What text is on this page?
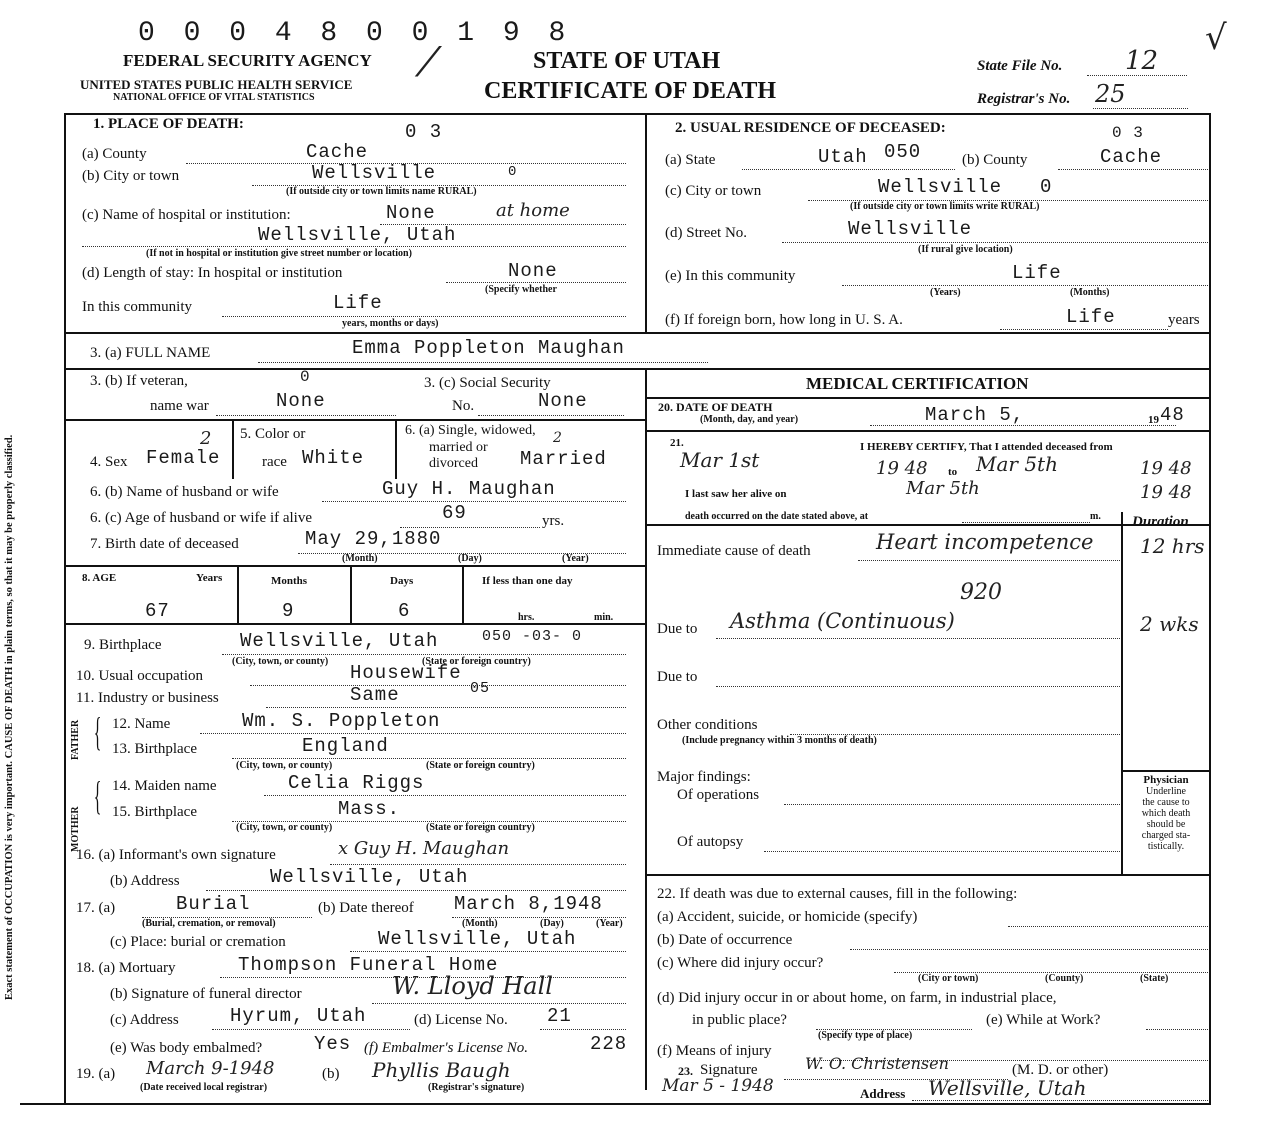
0 0 0 4 8 0 0 1 9 8
⁄
√
FEDERAL SECURITY AGENCY
UNITED STATES PUBLIC HEALTH SERVICE
NATIONAL OFFICE OF VITAL STATISTICS
STATE OF UTAH
CERTIFICATE OF DEATH
State File No. 12
Registrar's No. 25
Exact statement of OCCUPATION is very important. CAUSE OF DEATH in plain terms, so that it may be properly classified.
1. PLACE OF DEATH:	0 3
(a) County	Cache
(b) City or town	Wellsville	0
(If outside city or town limits name RURAL)
(c) Name of hospital or institution:	None	at home
Wellsville, Utah
(If not in hospital or institution give street number or location)
(d) Length of stay: In hospital or institution	None
(Specify whether
In this community	Life
years, months or days)
2. USUAL RESIDENCE OF DECEASED:
(a) State	Utah 050	(b) County	Cache
0 3
(c) City or town	Wellsville 0
(If outside city or town limits write RURAL)
(d) Street No.	Wellsville
(If rural give location)
(e) In this community	Life
(Years)	(Months)
(f) If foreign born, how long in U. S. A.	Life	years
3. (a) FULL NAME	Emma Poppleton Maughan
3. (b) If veteran,
name war	None
0	3. (c) Social Security
No.	None
4. Sex Female
2 5. Color or
race White
6. (a) Single, widowed,
married or
divorced Married
2
6. (b) Name of husband or wife	Guy H. Maughan
6. (c) Age of husband or wife if alive	69	yrs.
7. Birth date of deceased	May 29,1880
(Month)	(Day)	(Year)
8. AGE	Years	Months	Days	If less than one day
67	9	6	hrs.	min.
9. Birthplace	Wellsville, Utah	050 -03- 0
(City, town, or county)	(State or foreign country)
10. Usual occupation	Housewife
11. Industry or business	Same	05
FATHER
MOTHER
{
{
12. Name	Wm. S. Poppleton
13. Birthplace	England
(City, town, or county)	(State or foreign country)
14. Maiden name	Celia Riggs
15. Birthplace	Mass.
(City, town, or county)	(State or foreign country)
16. (a) Informant's own signature	x Guy H. Maughan
(b) Address	Wellsville, Utah
17. (a)	Burial
(Burial, cremation, or removal)
(b) Date thereof March 8,1948
(Month)	(Day)	(Year)
(c) Place: burial or cremation	Wellsville, Utah
18. (a) Mortuary	Thompson Funeral Home
(b) Signature of funeral director	W. Lloyd Hall
(c) Address	Hyrum, Utah	(d) License No. 21
(e) Was body embalmed?	Yes (f) Embalmer's License No.	228
19. (a) March 9-1948
(Date received local registrar)
(b) Phyllis Baugh
(Registrar's signature)
MEDICAL CERTIFICATION
20. DATE OF DEATH
(Month, day, and year)	March 5,	19 48
21.	I HEREBY CERTIFY, That I attended deceased from
Mar 1st	19 48 to Mar 5th	19 48
I last saw her alive on	Mar 5th	19 48
death occurred on the date stated above, at	m. Duration
Immediate cause of death	Heart incompetence 12 hrs
920
Due to Asthma (Continuous)	2 wks
Due to
Other conditions
(Include pregnancy within 3 months of death)
Major findings:
Of operations
Of autopsy
Physician
Underline
the cause to
which death
should be
charged sta-
tistically.
22. If death was due to external causes, fill in the following:
(a) Accident, suicide, or homicide (specify)
(b) Date of occurrence
(c) Where did injury occur?
(City or town)	(County)	(State)
(d) Did injury occur in or about home, on farm, in industrial place,
in public place?
(Specify type of place)
(e) While at Work?
(f) Means of injury
23. Signature	W. O. Christensen	(M. D. or other)
Mar 5 - 1948	Address Wellsville, Utah
